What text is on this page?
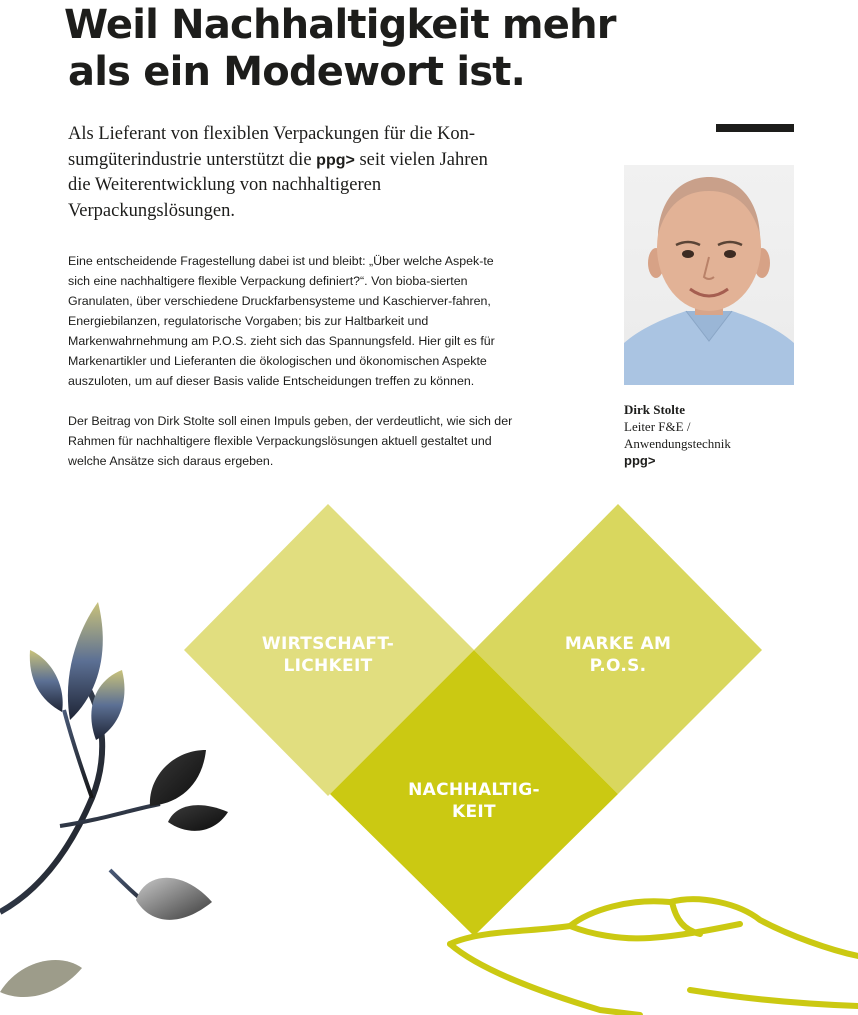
Weil Nachhaltigkeit mehr
als ein Modewort ist.

Als Lieferant von flexiblen Verpackungen für die Kon-sumgüterindustrie unterstützt die ppg> seit vielen Jahren die Weiterentwicklung von nachhaltigeren Verpackungslösungen.

Eine entscheidende Fragestellung dabei ist und bleibt: „Über welche Aspek-te sich eine nachhaltigere flexible Verpackung definiert?“. Von bioba-sierten Granulaten, über verschiedene Druckfarbensysteme und Kaschierver-fahren, Energiebilanzen, regulatorische Vorgaben; bis zur Haltbarkeit und Markenwahrnehmung am P.O.S. zieht sich das Spannungsfeld. Hier gilt es für Markenartikler und Lieferanten die ökologischen und ökonomischen Aspekte auszuloten, um auf dieser Basis valide Entscheidungen treffen zu können.

Der Beitrag von Dirk Stolte soll einen Impuls geben, der verdeutlicht, wie sich der Rahmen für nachhaltigere flexible Verpackungslösungen aktuell gestaltet und welche Ansätze sich daraus ergeben.

Dirk Stolte
Leiter F&E /
Anwendungstechnik
ppg>
WIRTSCHAFT-
LICHKEIT
MARKE AM
P.O.S.
NACHHALTIG-
KEIT
